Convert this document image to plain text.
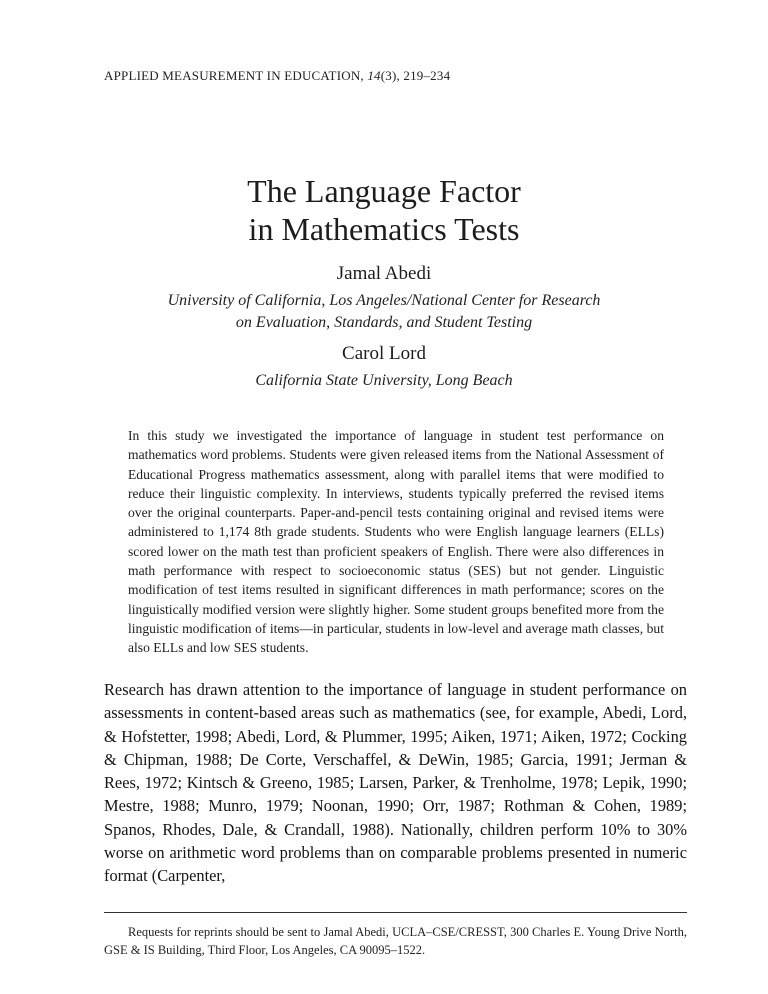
APPLIED MEASUREMENT IN EDUCATION, 14(3), 219–234
The Language Factor
in Mathematics Tests

Jamal Abedi

University of California, Los Angeles/National Center for Research
on Evaluation, Standards, and Student Testing

Carol Lord

California State University, Long Beach

In this study we investigated the importance of language in student test performance on mathematics word problems. Students were given released items from the National Assessment of Educational Progress mathematics assessment, along with parallel items that were modified to reduce their linguistic complexity. In interviews, students typically preferred the revised items over the original counterparts. Paper-and-pencil tests containing original and revised items were administered to 1,174 8th grade students. Students who were English language learners (ELLs) scored lower on the math test than proficient speakers of English. There were also differences in math performance with respect to socioeconomic status (SES) but not gender. Linguistic modification of test items resulted in significant differences in math performance; scores on the linguistically modified version were slightly higher. Some student groups benefited more from the linguistic modification of items—in particular, students in low-level and average math classes, but also ELLs and low SES students.

Research has drawn attention to the importance of language in student performance on assessments in content-based areas such as mathematics (see, for example, Abedi, Lord, & Hofstetter, 1998; Abedi, Lord, & Plummer, 1995; Aiken, 1971; Aiken, 1972; Cocking & Chipman, 1988; De Corte, Verschaffel, & DeWin, 1985; Garcia, 1991; Jerman & Rees, 1972; Kintsch & Greeno, 1985; Larsen, Parker, & Trenholme, 1978; Lepik, 1990; Mestre, 1988; Munro, 1979; Noonan, 1990; Orr, 1987; Rothman & Cohen, 1989; Spanos, Rhodes, Dale, & Crandall, 1988). Nationally, children perform 10% to 30% worse on arithmetic word problems than on comparable problems presented in numeric format (Carpenter,

Requests for reprints should be sent to Jamal Abedi, UCLA–CSE/CRESST, 300 Charles E. Young Drive North, GSE & IS Building, Third Floor, Los Angeles, CA 90095–1522.
